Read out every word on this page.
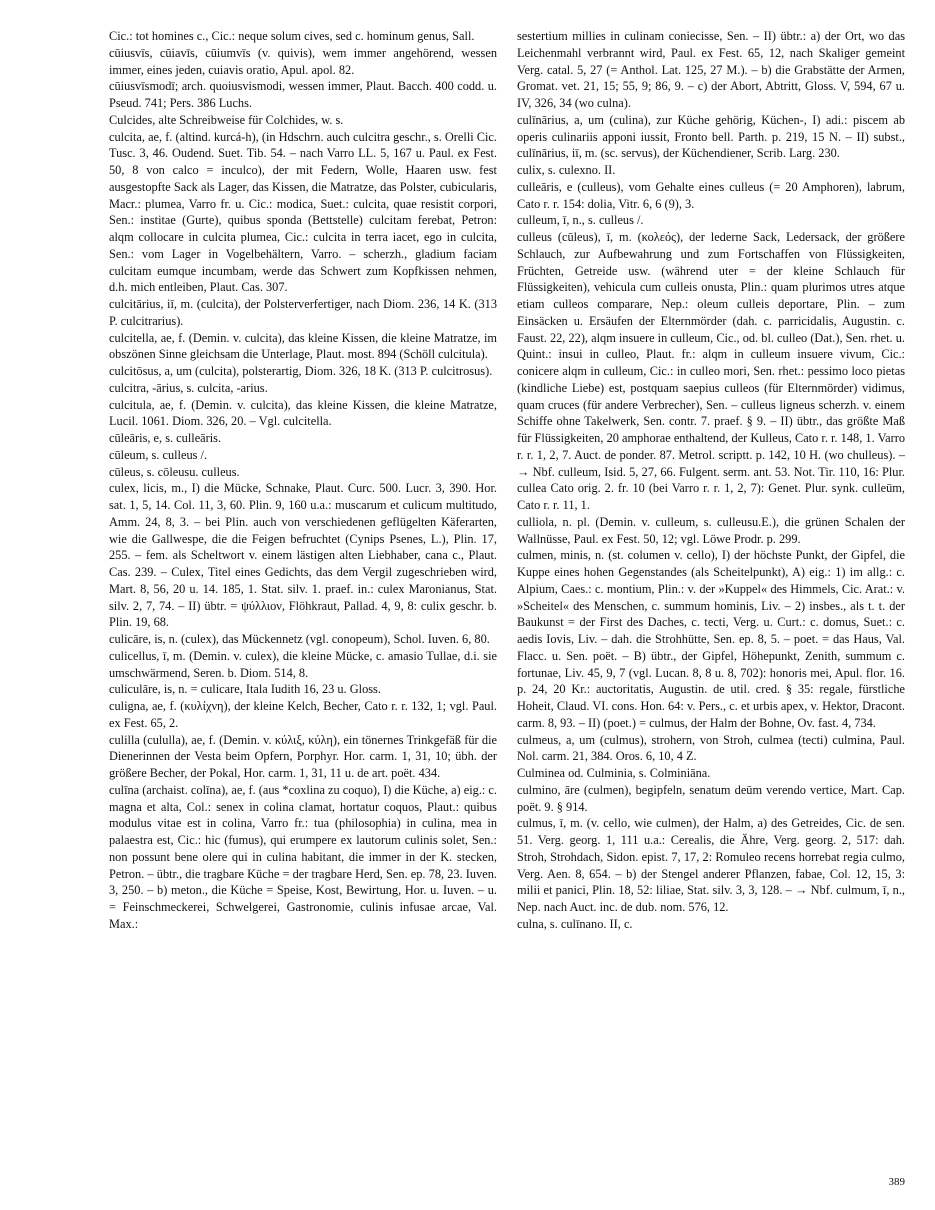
Cic.: tot homines c., Cic.: neque solum cives, sed c. hominum genus, Sall.

cūiusvīs, cūiavīs, cūiumvīs (v. quivis), wem immer angehörend, wessen immer, eines jeden, cuiavis oratio, Apul. apol. 82.

cūiusvīsmodī; arch. quoiusvismodi, wessen immer, Plaut. Bacch. 400 codd. u. Pseud. 741; Pers. 386 Luchs.

Culcides, alte Schreibweise für Colchides, w. s.

culcita, ae, f. (altind. kurcá-h), (in Hdschrn. auch culcitra geschr., s. Orelli Cic. Tusc. 3, 46. Oudend. Suet. Tib. 54. – nach Varro LL. 5, 167 u. Paul. ex Fest. 50, 8 von calco = inculco), der mit Federn, Wolle, Haaren usw. fest ausgestopfte Sack als Lager, das Kissen, die Matratze, das Polster, cubicularis, Macr.: plumea, Varro fr. u. Cic.: modica, Suet.: culcita, quae resistit corpori, Sen.: institae (Gurte), quibus sponda (Bettstelle) culcitam ferebat, Petron: alqm collocare in culcita plumea, Cic.: culcita in terra iacet, ego in culcita, Sen.: vom Lager in Vogelbehältern, Varro. – scherzh., gladium faciam culcitam eumque incumbam, werde das Schwert zum Kopfkissen nehmen, d.h. mich entleiben, Plaut. Cas. 307.

culcitārius, iī, m. (culcita), der Polsterverfertiger, nach Diom. 236, 14 K. (313 P. culcitrarius).

culcitella, ae, f. (Demin. v. culcita), das kleine Kissen, die kleine Matratze, im obszönen Sinne gleichsam die Unterlage, Plaut. most. 894 (Schöll culcitula).

culcitōsus, a, um (culcita), polsterartig, Diom. 326, 18 K. (313 P. culcitrosus).

culcitra, -ārius, s. culcita, -arius.

culcitula, ae, f. (Demin. v. culcita), das kleine Kissen, die kleine Matratze, Lucil. 1061. Diom. 326, 20. – Vgl. culcitella.

cūleāris, e, s. culleāris.

cūleum, s. culleus /.

cūleus, s. cōleusu. culleus.

culex, licis, m., I) die Mücke, Schnake, Plaut. Curc. 500. Lucr. 3, 390. Hor. sat. 1, 5, 14. Col. 11, 3, 60. Plin. 9, 160 u.a.: muscarum et culicum multitudo, Amm. 24, 8, 3. – bei Plin. auch von verschiedenen geflügelten Käferarten, wie die Gallwespe, die die Feigen befruchtet (Cynips Psenes, L.), Plin. 17, 255. – fem. als Scheltwort v. einem lästigen alten Liebhaber, cana c., Plaut. Cas. 239. – Culex, Titel eines Gedichts, das dem Vergil zugeschrieben wird, Mart. 8, 56, 20 u. 14. 185, 1. Stat. silv. 1. praef. in.: culex Maronianus, Stat. silv. 2, 7, 74. – II) übtr. = ψύλλιον, Flöhkraut, Pallad. 4, 9, 8: culix geschr. b. Plin. 19, 68.

culicāre, is, n. (culex), das Mückennetz (vgl. conopeum), Schol. Iuven. 6, 80.

culicellus, ī, m. (Demin. v. culex), die kleine Mücke, c. amasio Tullae, d.i. sie umschwärmend, Seren. b. Diom. 514, 8.

culiculāre, is, n. = culicare, Itala Iudith 16, 23 u. Gloss.

culigna, ae, f. (κυλίχνη), der kleine Kelch, Becher, Cato r. r. 132, 1; vgl. Paul. ex Fest. 65, 2.

culilla (cululla), ae, f. (Demin. v. κύλιξ, κύλη), ein tönernes Trinkgefäß für die Dienerinnen der Vesta beim Opfern, Porphyr. Hor. carm. 1, 31, 10; übh. der größere Becher, der Pokal, Hor. carm. 1, 31, 11 u. de art. poët. 434.

culīna (archaist. colīna), ae, f. (aus *coxlina zu coquo), I) die Küche, a) eig.: c. magna et alta, Col.: senex in colina clamat, hortatur coquos, Plaut.: quibus modulus vitae est in colina, Varro fr.: tua (philosophia) in culina, mea in palaestra est, Cic.: hic (fumus), qui erumpere ex lautorum culinis solet, Sen.: non possunt bene olere qui in culina habitant, die immer in der K. stecken, Petron. – übtr., die tragbare Küche = der tragbare Herd, Sen. ep. 78, 23. Iuven. 3, 250. – b) meton., die Küche = Speise, Kost, Bewirtung, Hor. u. Iuven. – u. = Feinschmeckerei, Schwelgerei, Gastronomie, culinis infusae arcae, Val. Max.:

sestertium millies in culinam coniecisse, Sen. – II) übtr.: a) der Ort, wo das Leichenmahl verbrannt wird, Paul. ex Fest. 65, 12, nach Skaliger gemeint Verg. catal. 5, 27 (= Anthol. Lat. 125, 27 M.). – b) die Grabstätte der Armen, Gromat. vet. 21, 15; 55, 9; 86, 9. – c) der Abort, Abtritt, Gloss. V, 594, 67 u. IV, 326, 34 (wo culna).

culīnārius, a, um (culina), zur Küche gehörig, Küchen-, I) adi.: piscem ab operis culinariis apponi iussit, Fronto bell. Parth. p. 219, 15 N. – II) subst., culīnārius, iī, m. (sc. servus), der Küchendiener, Scrib. Larg. 230.

culix, s. culexno. II.

culleāris, e (culleus), vom Gehalte eines culleus (= 20 Amphoren), labrum, Cato r. r. 154: dolia, Vitr. 6, 6 (9), 3.

culleum, ī, n., s. culleus /.

culleus (cūleus), ī, m. (κολεός), der lederne Sack, Ledersack, der größere Schlauch, zur Aufbewahrung und zum Fortschaffen von Flüssigkeiten, Früchten, Getreide usw. (während uter = der kleine Schlauch für Flüssigkeiten), vehicula cum culleis onusta, Plin.: quam plurimos utres atque etiam culleos comparare, Nep.: oleum culleis deportare, Plin. – zum Einsäcken u. Ersäufen der Elternmörder (dah. c. parricidalis, Augustin. c. Faust. 22, 22), alqm insuere in culleum, Cic., od. bl. culleo (Dat.), Sen. rhet. u. Quint.: insui in culleo, Plaut. fr.: alqm in culleum insuere vivum, Cic.: conicere alqm in culleum, Cic.: in culleo mori, Sen. rhet.: pessimo loco pietas (kindliche Liebe) est, postquam saepius culleos (für Elternmörder) vidimus, quam cruces (für andere Verbrecher), Sen. – culleus ligneus scherzh. v. einem Schiffe ohne Takelwerk, Sen. contr. 7. praef. § 9. – II) übtr., das größte Maß für Flüssigkeiten, 20 amphorae enthaltend, der Kulleus, Cato r. r. 148, 1. Varro r. r. 1, 2, 7. Auct. de ponder. 87. Metrol. scriptt. p. 142, 10 H. (wo chulleus). – → Nbf. culleum, Isid. 5, 27, 66. Fulgent. serm. ant. 53. Not. Tir. 110, 16: Plur. cullea Cato orig. 2. fr. 10 (bei Varro r. r. 1, 2, 7): Genet. Plur. synk. culleūm, Cato r. r. 11, 1.

culliola, n. pl. (Demin. v. culleum, s. culleusu.E.), die grünen Schalen der Wallnüsse, Paul. ex Fest. 50, 12; vgl. Löwe Prodr. p. 299.

culmen, minis, n. (st. columen v. cello), I) der höchste Punkt, der Gipfel, die Kuppe eines hohen Gegenstandes (als Scheitelpunkt), A) eig.: 1) im allg.: c. Alpium, Caes.: c. montium, Plin.: v. der »Kuppel« des Himmels, Cic. Arat.: v. »Scheitel« des Menschen, c. summum hominis, Liv. – 2) insbes., als t. t. der Baukunst = der First des Daches, c. tecti, Verg. u. Curt.: c. domus, Suet.: c. aedis Iovis, Liv. – dah. die Strohhütte, Sen. ep. 8, 5. – poet. = das Haus, Val. Flacc. u. Sen. poët. – B) übtr., der Gipfel, Höhepunkt, Zenith, summum c. fortunae, Liv. 45, 9, 7 (vgl. Lucan. 8, 8 u. 8, 702): honoris mei, Apul. flor. 16. p. 24, 20 Kr.: auctoritatis, Augustin. de util. cred. § 35: regale, fürstliche Hoheit, Claud. VI. cons. Hon. 64: v. Pers., c. et urbis apex, v. Hektor, Dracont. carm. 8, 93. – II) (poet.) = culmus, der Halm der Bohne, Ov. fast. 4, 734.

culmeus, a, um (culmus), strohern, von Stroh, culmea (tecti) culmina, Paul. Nol. carm. 21, 384. Oros. 6, 10, 4 Z.

Culminea od. Culminia, s. Colminiāna.

culmino, āre (culmen), begipfeln, senatum deūm verendo vertice, Mart. Cap. poët. 9. § 914.

culmus, ī, m. (v. cello, wie culmen), der Halm, a) des Getreides, Cic. de sen. 51. Verg. georg. 1, 111 u.a.: Cerealis, die Ähre, Verg. georg. 2, 517: dah. Stroh, Strohdach, Sidon. epist. 7, 17, 2: Romuleo recens horrebat regia culmo, Verg. Aen. 8, 654. – b) der Stengel anderer Pflanzen, fabae, Col. 12, 15, 3: milii et panici, Plin. 18, 52: liliae, Stat. silv. 3, 3, 128. – → Nbf. culmum, ī, n., Nep. nach Auct. inc. de dub. nom. 576, 12.

culna, s. culīnano. II, c.

389
